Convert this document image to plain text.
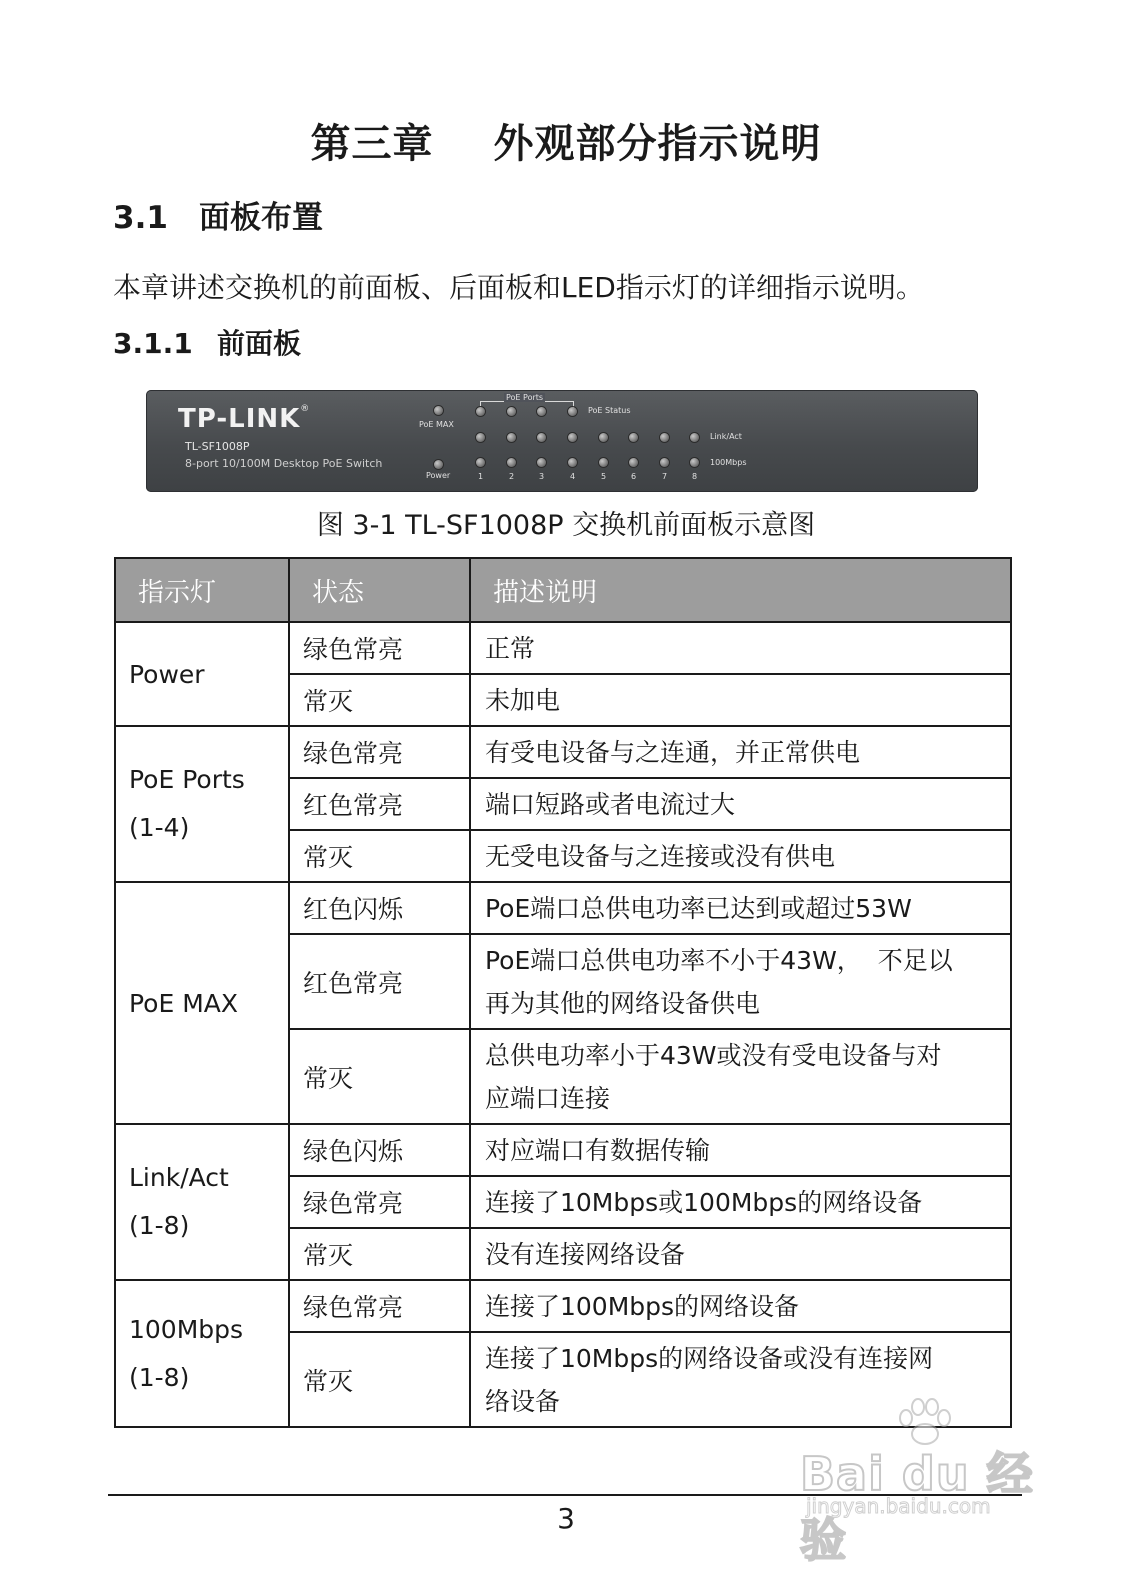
第三章 外观部分指示说明
3.1 面板布置
本章讲述交换机的前面板、后面板和LED指示灯的详细指示说明。
3.1.1 前面板
TP-LINK®
TL-SF1008P
8-port 10/100M Desktop PoE Switch
PoE Ports
PoE Status
PoE MAX
Link/Act
100Mbps
Power	1	2	3	4	5	6	7	8
图 3-1 TL-SF1008P 交换机前面板示意图
指示灯	状态	描述说明
Power	绿色常亮	正常
	常灭	未加电

PoE Ports
(1-4)	绿色常亮	有受电设备与之连通，并正常供电
	红色常亮	端口短路或者电流过大
	常灭	无受电设备与之连接或没有供电
PoE MAX	红色闪烁	PoE端口总供电功率已达到或超过53W
	红色常亮	PoE端口总供电功率不小于43W，  不足以
再为其他的网络设备供电

	常灭	总供电功率小于43W或没有受电设备与对
应端口连接

Link/Act
(1-8)	绿色闪烁	对应端口有数据传输
	绿色常亮	连接了10Mbps或100Mbps的网络设备
	常灭	没有连接网络设备

100Mbps
(1-8)	绿色常亮	连接了100Mbps的网络设备
	常灭	连接了10Mbps的网络设备或没有连接网
络设备
3
Bai du 经验
jingyan.baidu.com
